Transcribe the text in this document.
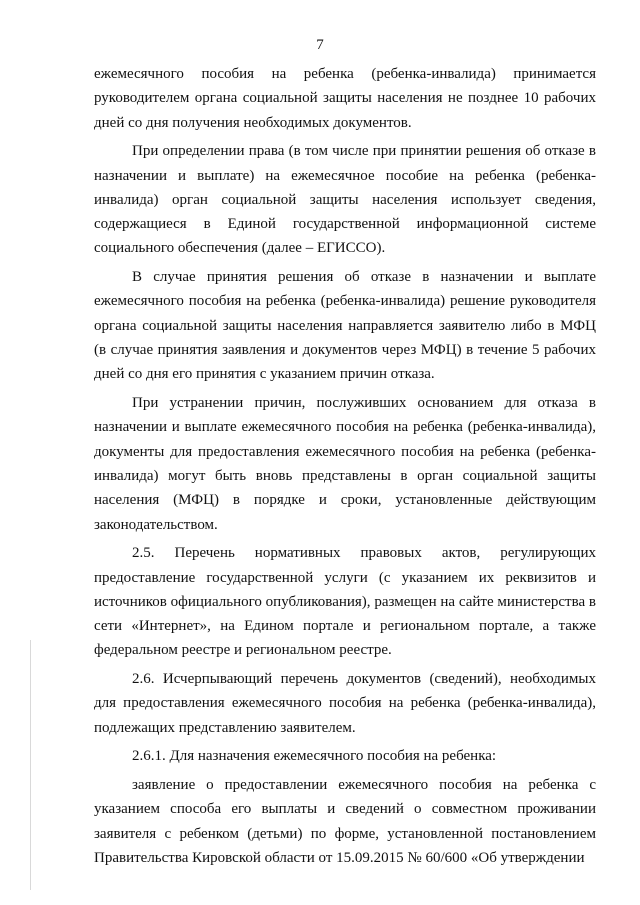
7

ежемесячного пособия на ребенка (ребенка-инвалида) принимается руководителем органа социальной защиты населения не позднее 10 рабочих дней со дня получения необходимых документов.

При определении права (в том числе при принятии решения об отказе в назначении и выплате) на ежемесячное пособие на ребенка (ребенка-инвалида) орган социальной защиты населения использует сведения, содержащиеся в Единой государственной информационной системе социального обеспечения (далее – ЕГИССО).

В случае принятия решения об отказе в назначении и выплате ежемесячного пособия на ребенка (ребенка-инвалида) решение руководителя органа социальной защиты населения направляется заявителю либо в МФЦ (в случае принятия заявления и документов через МФЦ) в течение 5 рабочих дней со дня его принятия с указанием причин отказа.

При устранении причин, послуживших основанием для отказа в назначении и выплате ежемесячного пособия на ребенка (ребенка-инвалида), документы для предоставления ежемесячного пособия на ребенка (ребенка-инвалида) могут быть вновь представлены в орган социальной защиты населения (МФЦ) в порядке и сроки, установленные действующим законодательством.

2.5. Перечень нормативных правовых актов, регулирующих предоставление государственной услуги (с указанием их реквизитов и источников официального опубликования), размещен на сайте министерства в сети «Интернет», на Едином портале и региональном портале, а также федеральном реестре и региональном реестре.

2.6. Исчерпывающий перечень документов (сведений), необходимых для предоставления ежемесячного пособия на ребенка (ребенка-инвалида), подлежащих представлению заявителем.

2.6.1. Для назначения ежемесячного пособия на ребенка:

заявление о предоставлении ежемесячного пособия на ребенка с указанием способа его выплаты и сведений о совместном проживании заявителя с ребенком (детьми) по форме, установленной постановлением Правительства Кировской области от 15.09.2015 № 60/600 «Об утверждении
